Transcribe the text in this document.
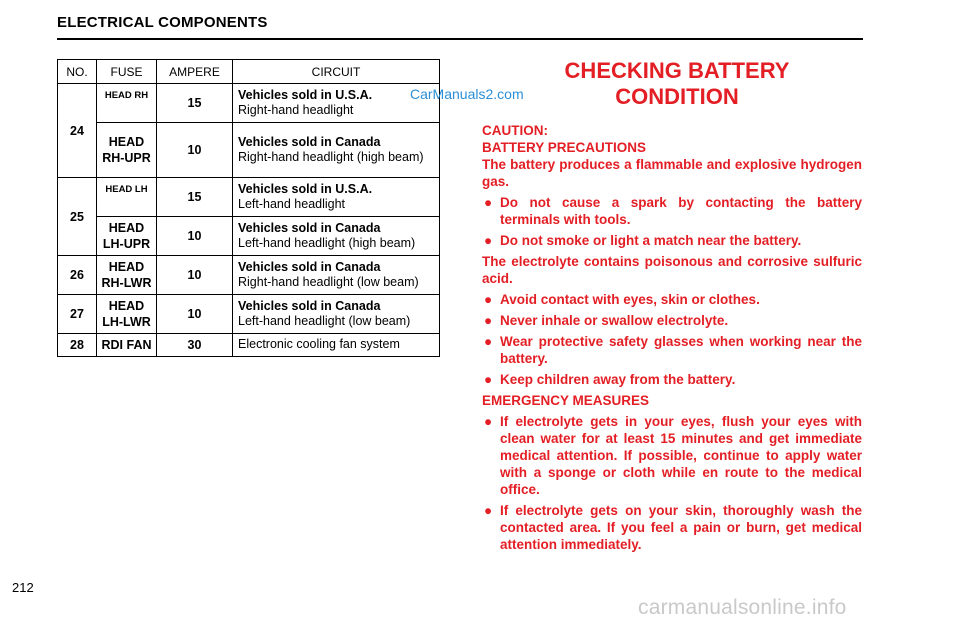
ELECTRICAL COMPONENTS
NO.	FUSE	AMPERE	CIRCUIT
24	HEAD RH	15	Vehicles sold in U.S.A.
Right-hand headlight

	HEAD RH-UPR	10	Vehicles sold in Canada
Right-hand headlight (high beam)

25	HEAD LH	15	Vehicles sold in U.S.A.
Left-hand headlight

	HEAD LH-UPR	10	Vehicles sold in Canada
Left-hand headlight (high beam)

26	HEAD RH-LWR	10	Vehicles sold in Canada
Right-hand headlight (low beam)

27	HEAD LH-LWR	10	Vehicles sold in Canada
Left-hand headlight (low beam)

28	RDI FAN	30	Electronic cooling fan system
CarManuals2.com
CHECKING BATTERY
CONDITION

CAUTION:

BATTERY PRECAUTIONS

The battery produces a flammable and explosive hydrogen gas.

● Do not cause a spark by contacting the battery terminals with tools.
● Do not smoke or light a match near the battery.

The electrolyte contains poisonous and corrosive sulfuric acid.

● Avoid contact with eyes, skin or clothes.
● Never inhale or swallow electrolyte.
● Wear protective safety glasses when working near the battery.
● Keep children away from the battery.

EMERGENCY MEASURES

● If electrolyte gets in your eyes, flush your eyes with clean water for at least 15 minutes and get immediate medical attention. If possible, continue to apply water with a sponge or cloth while en route to the medical office.
● If electrolyte gets on your skin, thoroughly wash the contacted area. If you feel a pain or burn, get medical attention immediately.
212
carmanualsonline.info
